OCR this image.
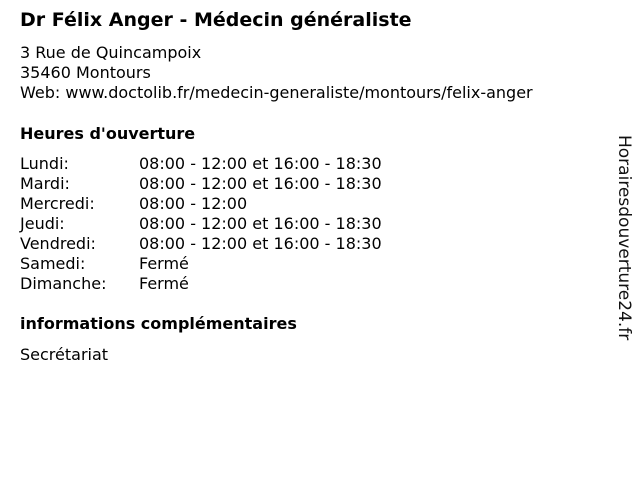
Dr Félix Anger - Médecin généraliste
3 Rue de Quincampoix
35460 Montours
Web: www.doctolib.fr/medecin-generaliste/montours/felix-anger
Heures d'ouverture
Lundi:	08:00 - 12:00 et 16:00 - 18:30
Mardi:	08:00 - 12:00 et 16:00 - 18:30
Mercredi:	08:00 - 12:00
Jeudi:	08:00 - 12:00 et 16:00 - 18:30
Vendredi:	08:00 - 12:00 et 16:00 - 18:30
Samedi:	Fermé
Dimanche: Fermé
informations complémentaires
Secrétariat
Horairesdouverture24.fr
